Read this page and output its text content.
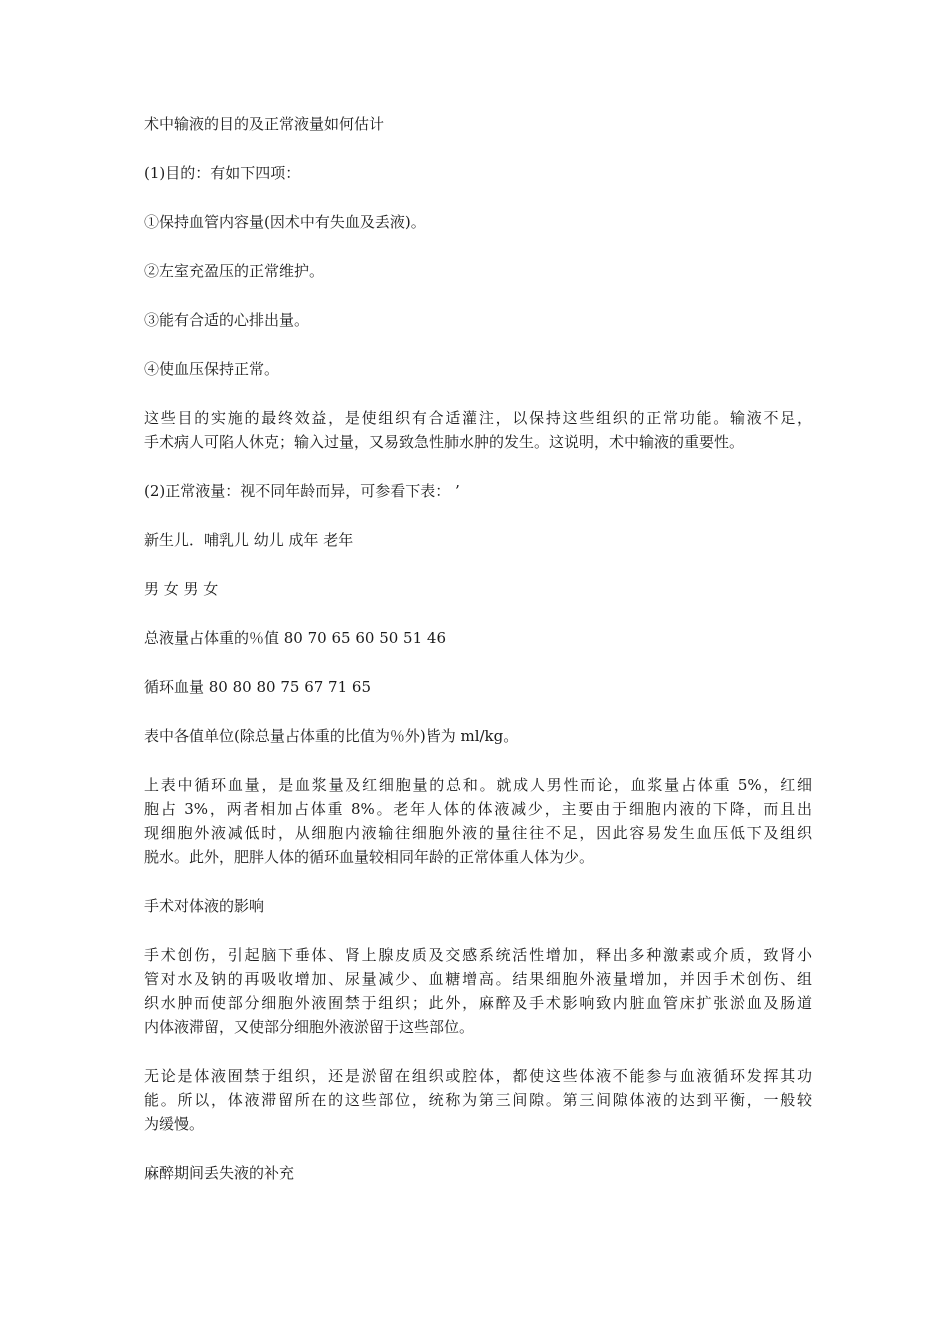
术中输液的目的及正常液量如何估计

(1)目的：有如下四项：

①保持血管内容量(因术中有失血及丢液)。

②左室充盈压的正常维护。

③能有合适的心排出量。

④使血压保持正常。

这些目的实施的最终效益，是使组织有合适灌注，以保持这些组织的正常功能。输液不足，
手术病人可陷人休克；输入过量，又易致急性肺水肿的发生。这说明，术中输液的重要性。

(2)正常液量：视不同年龄而异，可参看下表： ’

新生儿．哺乳儿 幼儿 成年 老年

男 女 男 女

总液量占体重的％值 80 70 65 60 50 51 46

循环血量 80 80 80 75 67 71 65

表中各值单位(除总量占体重的比值为％外)皆为 ml/kg。

上表中循环血量，是血浆量及红细胞量的总和。就成人男性而论，血浆量占体重 5%，红细
胞占 3%，两者相加占体重 8%。老年人体的体液减少，主要由于细胞内液的下降，而且出
现细胞外液减低时，从细胞内液输往细胞外液的量往往不足，因此容易发生血压低下及组织
脱水。此外，肥胖人体的循环血量较相同年龄的正常体重人体为少。

手术对体液的影响

手术创伤，引起脑下垂体、肾上腺皮质及交感系统活性增加，释出多种激素或介质，致肾小
管对水及钠的再吸收增加、尿量减少、血糖增高。结果细胞外液量增加，并因手术创伤、组
织水肿而使部分细胞外液囿禁于组织；此外，麻醉及手术影响致内脏血管床扩张淤血及肠道
内体液滞留，又使部分细胞外液淤留于这些部位。
无论是体液囿禁于组织，还是淤留在组织或腔体，都使这些体液不能参与血液循环发挥其功
能。所以，体液滞留所在的这些部位，统称为第三间隙。第三间隙体液的达到平衡，一般较
为缓慢。

麻醉期间丢失液的补充
